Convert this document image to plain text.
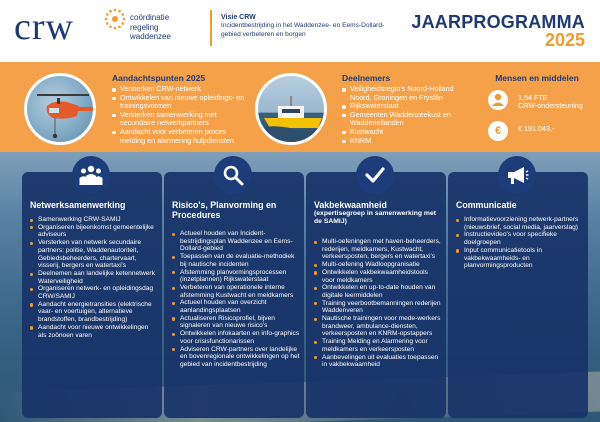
crw	coördinatie
regeling
waddenzee
Visie CRW
Incidentbestrijding in het Waddenzee- en Eems-Dollard-gebied verbeteren en borgen
JAARPROGRAMMA
2025
Aandachtspunten 2025
Versterken CRW-netwerk
Ontwikkelen van nieuwe opleidings- en trainingsvormen
Versterken samenwerking met secundaire netwerkpartners
Aandacht voor verbeteren proces melding en alarmering hulpdiensten
Deelnemers
Veiligheidsregio's Noord-Holland Noord, Groningen en Fryslân
Rijkswaterstaat
Gemeenten Waddenzeekust en Waddeneilanden
Kustwacht
KNRM
Mensen en middelen
1,54 FTE
CRW-ondersteuning
€	€ 191.043,-
Netwerksamenwerking
Samenwerking CRW-SAMIJ
Organiseren bijeenkomst gemeentelijke adviseurs
Versterken van netwerk secundaire partners: politie, Waddenautoriteit, Gebiedsbeheerders, chartervaart, visserij, bergers en watertaxi's
Deelnemen aan landelijke ketennetwerk Waterveiligheid
Organiseren netwerk- en opleidingsdag CRW/SAMIJ
Aandacht energietransities (elektrische vaar- en voertuigen, alternatieve brandstoffen, brandbestrijding)
Aandacht voor nieuwe ontwikkelingen als zoönoen varen
Risico's, Planvorming en Procedures
Actueel houden van Incident-bestrijdingsplan Waddenzee en Eems-Dollard-gebied
Toepassen van de evaluatie-methodiek bij nautische incidenten
Afstemming planvormingsprocessen (inzetplannen) Rijkswaterstaat
Verbeteren van operationele interne afstemming Kustwacht en meldkamers
Actueel houden van overzicht aanlandingsplaatsen
Actualiseren Risicoprofiel, bijven signaleren van nieuwe risico's
Ontwikkelen infokaarten en info-graphics voor crisisfunctionarissen
Adviseren CRW-partners over landelijke en bovenregionale ontwikkelingen op het gebied van incidentbestrijding
Vakbekwaamheid
(expertisegroep in samenwerking met de SAMIJ)
Multi-oefeningen met haven-beheerders, rederijen, meldkamers, Kustwacht, verkeersposten, bergers en watertaxi's
Multi-oefening Wadloopgranisatie
Ontwikkelen vakbekwaamheidstools voor meldkamers
Ontwikkelen en up-to-date houden van digitale leermiddelen
Training veerbootbemanningen rederijen Waddenveren
Nautische trainingen voor mede-werkers brandweer, ambulance-diensten, verkeersposten en KNRM-opstappers
Training Melding en Alarmering voor meldkamers en verkeersposten
Aanbevelingen uit evaluaties toepassen in vakbekwaamheid
Communicatie
Informatievoorziening netwerk-partners (nieuwsbrief, social media, jaarverslag)
Instructievideo's voor specifieke doelgroepen
Input communicatietools in vakbekwaamheids- en planvormingsproducten
